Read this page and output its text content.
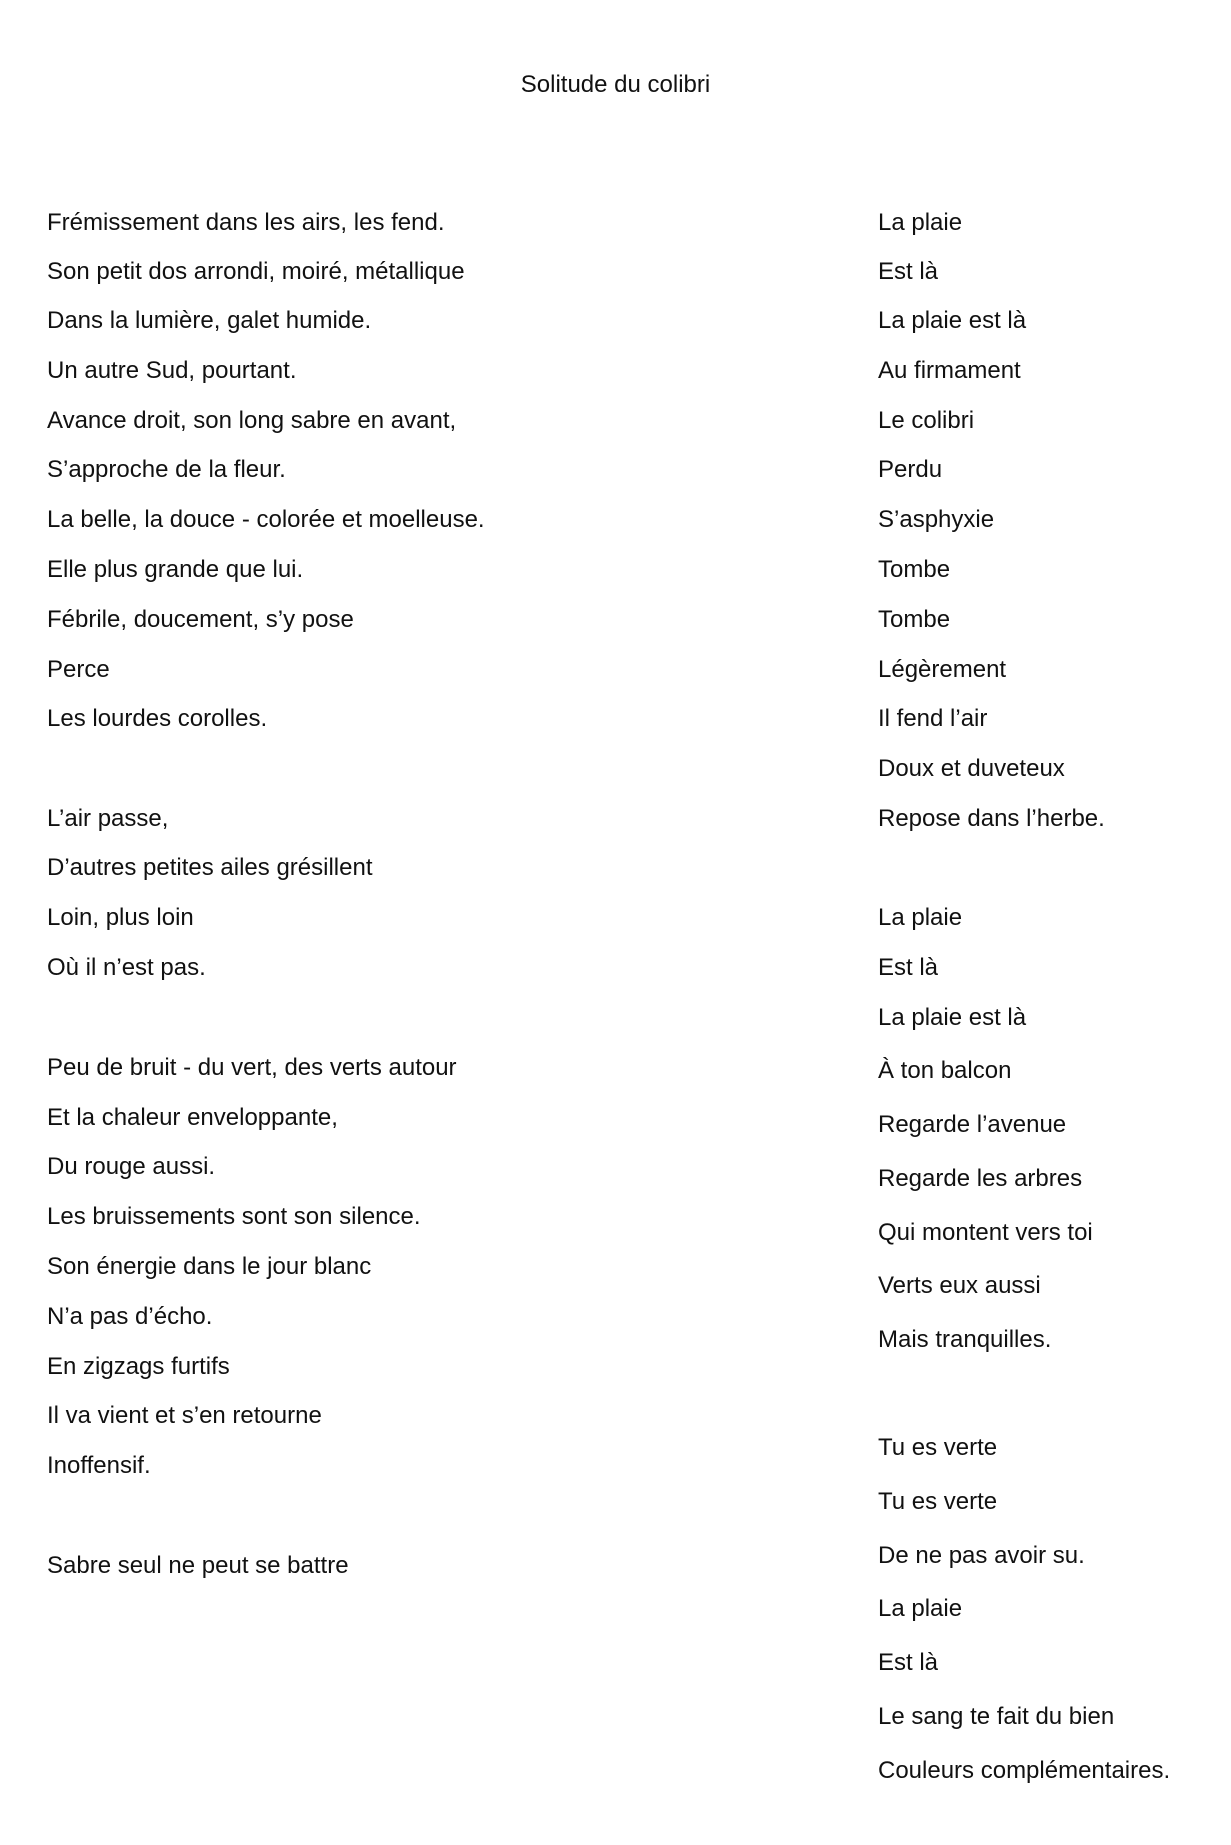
Solitude du colibri
Frémissement dans les airs, les fend.
Son petit dos arrondi, moiré, métallique
Dans la lumière, galet humide.
Un autre Sud, pourtant.
Avance droit, son long sabre en avant,
S’approche de la fleur.
La belle, la douce - colorée et moelleuse.
Elle plus grande que lui.
Fébrile, doucement, s’y pose
Perce
Les lourdes corolles.
L’air passe,
D’autres petites ailes grésillent
Loin, plus loin
Où il n’est pas.
Peu de bruit - du vert, des verts autour
Et la chaleur enveloppante,
Du rouge aussi.
Les bruissements sont son silence.
Son énergie dans le jour blanc
N’a pas d’écho.
En zigzags furtifs
Il va vient et s’en retourne
Inoffensif.
Sabre seul ne peut se battre
La plaie
Est là
La plaie est là
Au firmament
Le colibri
Perdu
S’asphyxie
Tombe
Tombe
Légèrement
Il fend l’air
Doux et duveteux
Repose dans l’herbe.
La plaie
Est là
La plaie est là
À ton balcon
Regarde l’avenue
Regarde les arbres
Qui montent vers toi
Verts eux aussi
Mais tranquilles.
Tu es verte
Tu es verte
De ne pas avoir su.
La plaie
Est là
Le sang te fait du bien
Couleurs complémentaires.
